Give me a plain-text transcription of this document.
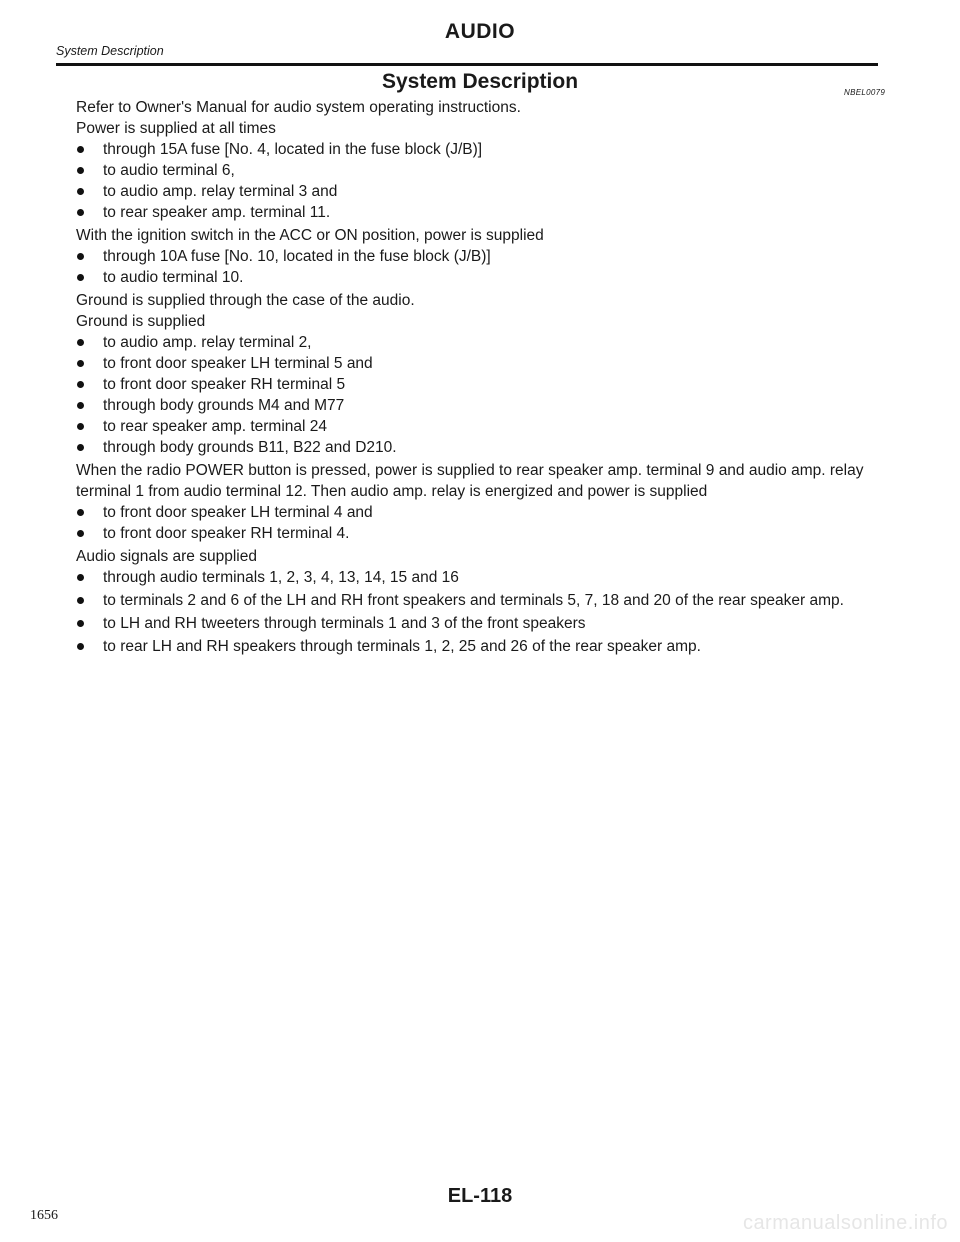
AUDIO
System Description
System Description	NBEL0079

Refer to Owner's Manual for audio system operating instructions.

Power is supplied at all times

through 15A fuse [No. 4, located in the fuse block (J/B)]

to audio terminal 6,

to audio amp. relay terminal 3 and

to rear speaker amp. terminal 11.

With the ignition switch in the ACC or ON position, power is supplied

through 10A fuse [No. 10, located in the fuse block (J/B)]

to audio terminal 10.

Ground is supplied through the case of the audio.

Ground is supplied

to audio amp. relay terminal 2,

to front door speaker LH terminal 5 and

to front door speaker RH terminal 5

through body grounds M4 and M77

to rear speaker amp. terminal 24

through body grounds B11, B22 and D210.

When the radio POWER button is pressed, power is supplied to rear speaker amp. terminal 9 and audio amp. relay terminal 1 from audio terminal 12. Then audio amp. relay is energized and power is supplied

to front door speaker LH terminal 4 and

to front door speaker RH terminal 4.

Audio signals are supplied

through audio terminals 1, 2, 3, 4, 13, 14, 15 and 16

to terminals 2 and 6 of the LH and RH front speakers and terminals 5, 7, 18 and 20 of the rear speaker amp.

to LH and RH tweeters through terminals 1 and 3 of the front speakers

to rear LH and RH speakers through terminals 1, 2, 25 and 26 of the rear speaker amp.

EL-118
1656	carmanualsonline.info
